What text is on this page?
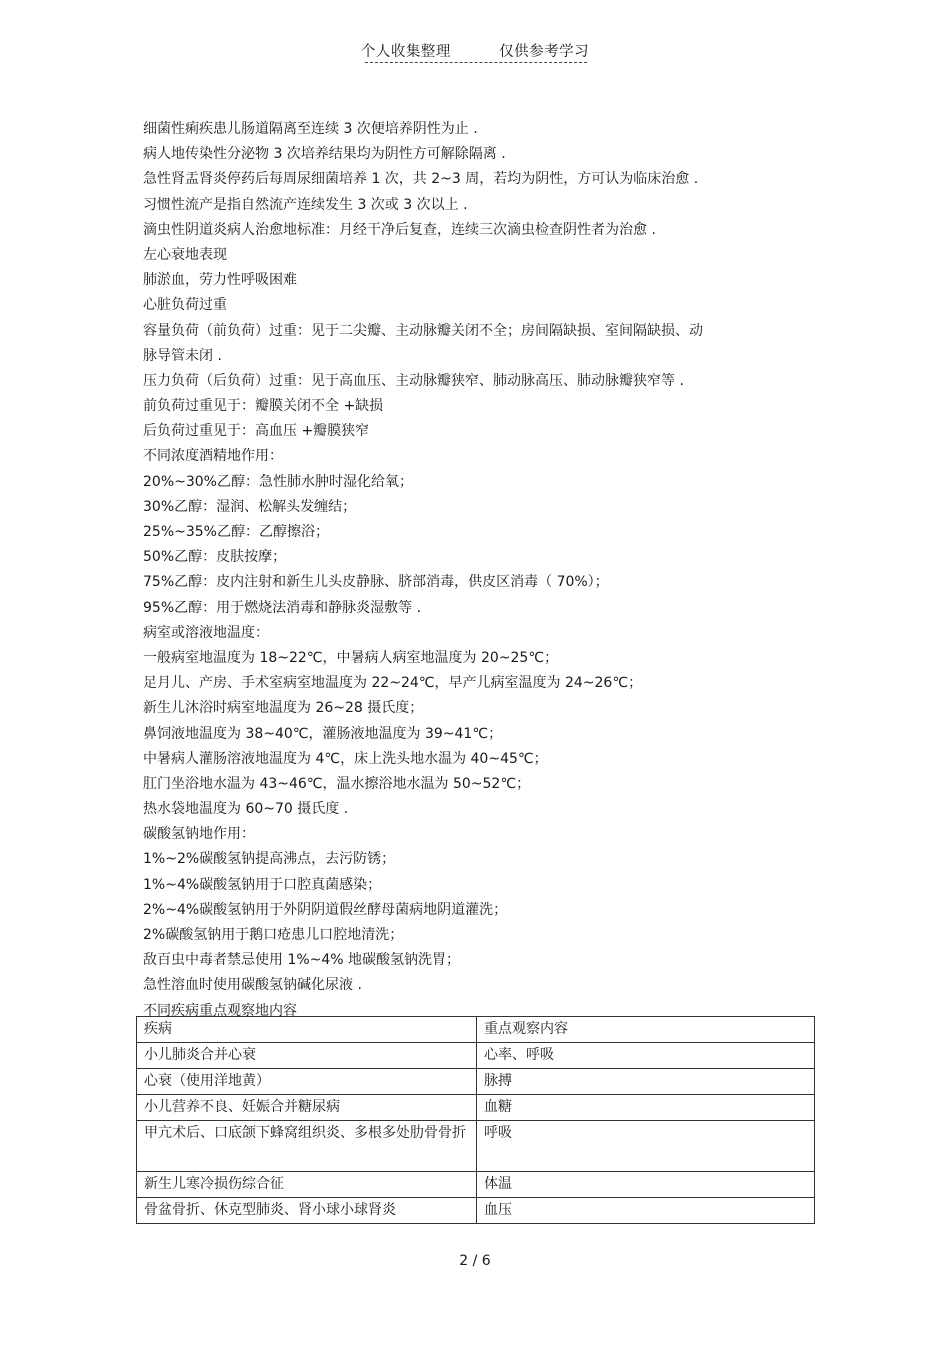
个人收集整理	仅供参考学习
细菌性痢疾患儿肠道隔离至连续 3 次便培养阴性为止 .
病人地传染性分泌物 3 次培养结果均为阴性方可解除隔离 .
急性肾盂肾炎停药后每周尿细菌培养 1 次，共 2~3 周，若均为阴性，方可认为临床治愈 .
习惯性流产是指自然流产连续发生 3 次或 3 次以上 .
滴虫性阴道炎病人治愈地标准：月经干净后复查，连续三次滴虫检查阴性者为治愈 .
左心衰地表现
肺淤血，劳力性呼吸困难
心脏负荷过重
容量负荷（前负荷）过重：见于二尖瓣、主动脉瓣关闭不全；房间隔缺损、室间隔缺损、动
脉导管未闭 .
压力负荷（后负荷）过重：见于高血压、主动脉瓣狭窄、肺动脉高压、肺动脉瓣狭窄等 .
前负荷过重见于：瓣膜关闭不全 +缺损
后负荷过重见于：高血压 +瓣膜狭窄
不同浓度酒精地作用：
20%~30%乙醇：急性肺水肿时湿化给氧；
30%乙醇：湿润、松解头发缠结；
25%~35%乙醇：乙醇擦浴；
50%乙醇：皮肤按摩；
75%乙醇：皮内注射和新生儿头皮静脉、脐部消毒，供皮区消毒（ 70%）；
95%乙醇：用于燃烧法消毒和静脉炎湿敷等 .
病室或溶液地温度：
一般病室地温度为 18~22℃，中暑病人病室地温度为 20~25℃；
足月儿、产房、手术室病室地温度为 22~24℃，早产儿病室温度为 24~26℃；
新生儿沐浴时病室地温度为 26~28 摄氏度；
鼻饲液地温度为 38~40℃，灌肠液地温度为 39~41℃；
中暑病人灌肠溶液地温度为 4℃，床上洗头地水温为 40~45℃；
肛门坐浴地水温为 43~46℃，温水擦浴地水温为 50~52℃；
热水袋地温度为 60~70 摄氏度 .
碳酸氢钠地作用：
1%~2%碳酸氢钠提高沸点，去污防锈；
1%~4%碳酸氢钠用于口腔真菌感染；
2%~4%碳酸氢钠用于外阴阴道假丝酵母菌病地阴道灌洗；
2%碳酸氢钠用于鹅口疮患儿口腔地清洗；
敌百虫中毒者禁忌使用 1%~4% 地碳酸氢钠洗胃；
急性溶血时使用碳酸氢钠碱化尿液 .
不同疾病重点观察地内容
疾病	重点观察内容
小儿肺炎合并心衰	心率、呼吸
心衰（使用洋地黄）	脉搏
小儿营养不良、妊娠合并糖尿病	血糖
甲亢术后、口底颌下蜂窝组织炎、多根多处肋骨骨折	呼吸
新生儿寒冷损伤综合征	体温
骨盆骨折、休克型肺炎、肾小球小球肾炎	血压
2 / 6
